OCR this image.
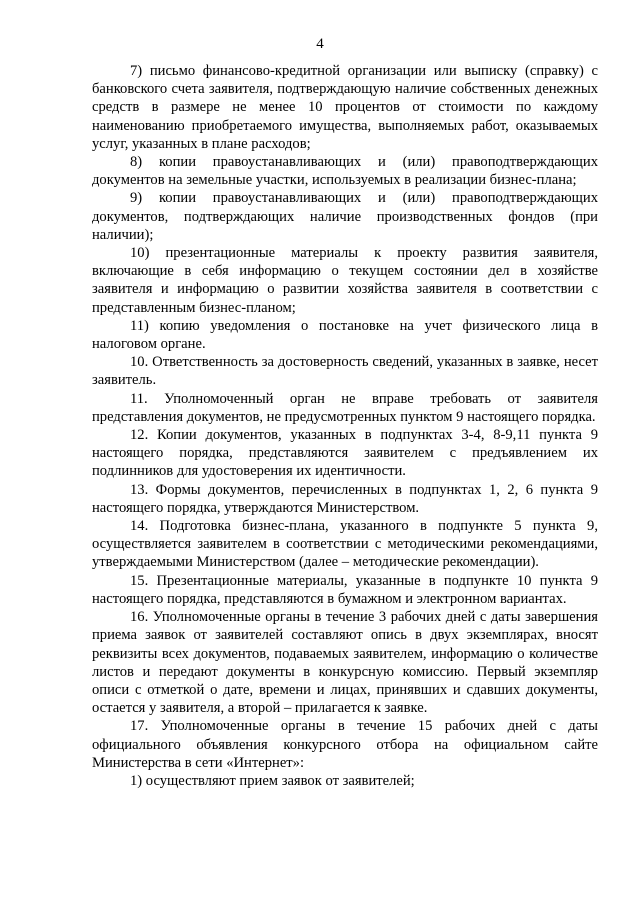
4

7) письмо финансово-кредитной организации или выписку (справку) с банковского счета заявителя, подтверждающую наличие собственных денежных средств в размере не менее 10 процентов от стоимости по каждому наименованию приобретаемого имущества, выполняемых работ, оказываемых услуг, указанных в плане расходов;

8) копии правоустанавливающих и (или) правоподтверждающих документов на земельные участки, используемых в реализации бизнес-плана;

9) копии правоустанавливающих и (или) правоподтверждающих документов, подтверждающих наличие производственных фондов (при наличии);

10) презентационные материалы к проекту развития заявителя, включающие в себя информацию о текущем состоянии дел в хозяйстве заявителя и информацию о развитии хозяйства заявителя в соответствии с представленным бизнес-планом;

11) копию уведомления о постановке на учет физического лица в налоговом органе.

10. Ответственность за достоверность сведений, указанных в заявке, несет заявитель.

11. Уполномоченный орган не вправе требовать от заявителя представления документов, не предусмотренных пунктом 9 настоящего порядка.

12. Копии документов, указанных в подпунктах 3-4, 8-9,11 пункта 9 настоящего порядка, представляются заявителем с предъявлением их подлинников для удостоверения их идентичности.

13. Формы документов, перечисленных в подпунктах 1, 2, 6 пункта 9 настоящего порядка, утверждаются Министерством.

14. Подготовка бизнес-плана, указанного в подпункте 5 пункта 9, осуществляется заявителем в соответствии с методическими рекомендациями, утверждаемыми Министерством (далее – методические рекомендации).

15. Презентационные материалы, указанные в подпункте 10 пункта 9 настоящего порядка, представляются в бумажном и электронном вариантах.

16. Уполномоченные органы в течение 3 рабочих дней с даты завершения приема заявок от заявителей составляют опись в двух экземплярах, вносят реквизиты всех документов, подаваемых заявителем, информацию о количестве листов и передают документы в конкурсную комиссию. Первый экземпляр описи с отметкой о дате, времени и лицах, принявших и сдавших документы, остается у заявителя, а второй – прилагается к заявке.

17. Уполномоченные органы в течение 15 рабочих дней с даты официального объявления конкурсного отбора на официальном сайте Министерства в сети «Интернет»:

1) осуществляют прием заявок от заявителей;
